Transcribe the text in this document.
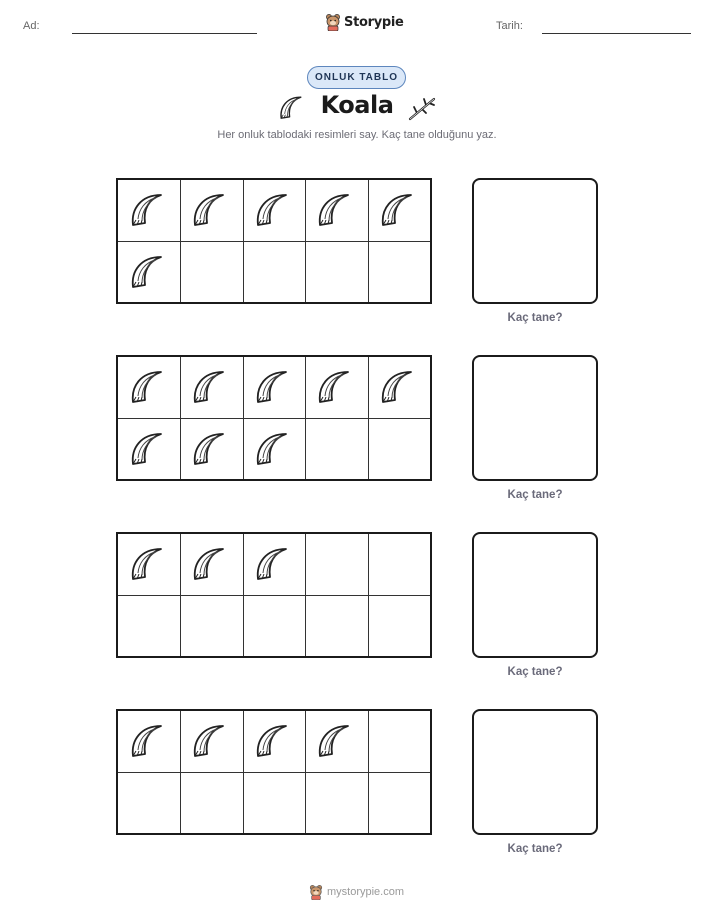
Ad:	Storypie	Tarih:
ONLUK TABLO
Koala
Her onluk tablodaki resimleri say. Kaç tane olduğunu yaz.
Kaç tane?
Kaç tane?
Kaç tane?
Kaç tane?
mystorypie.com
